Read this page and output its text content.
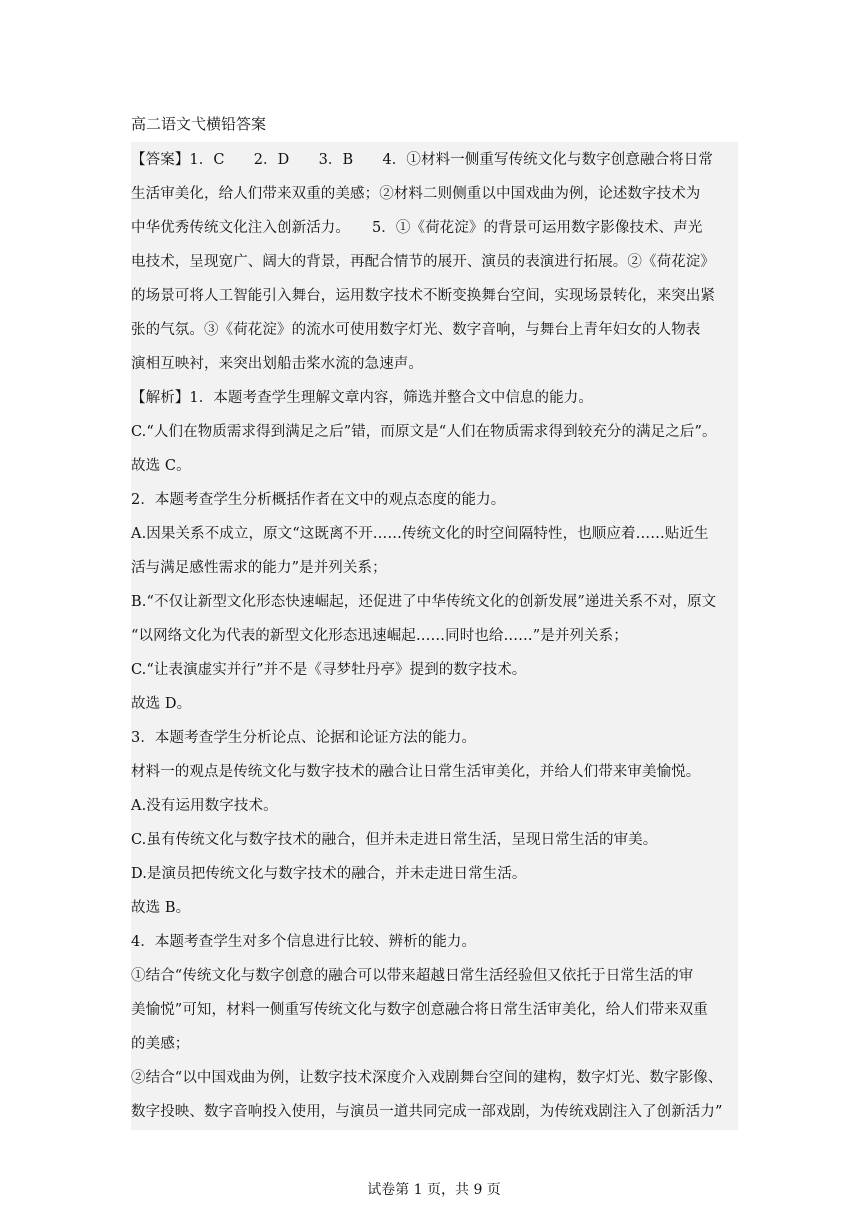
高二语文弋横铅答案
【答案】1．C　　2．D　　3．B　　4．①材料一侧重写传统文化与数字创意融合将日常
生活审美化，给人们带来双重的美感；②材料二则侧重以中国戏曲为例，论述数字技术为
中华优秀传统文化注入创新活力。　　5．①《荷花淀》的背景可运用数字影像技术、声光
电技术，呈现宽广、阔大的背景，再配合情节的展开、演员的表演进行拓展。②《荷花淀》
的场景可将人工智能引入舞台，运用数字技术不断变换舞台空间，实现场景转化，来突出紧
张的气氛。③《荷花淀》的流水可使用数字灯光、数字音响，与舞台上青年妇女的人物表
演相互映衬，来突出划船击桨水流的急速声。
【解析】1．本题考查学生理解文章内容，筛选并整合文中信息的能力。
C.“人们在物质需求得到满足之后”错，而原文是“人们在物质需求得到较充分的满足之后”。
故选 C。
2．本题考查学生分析概括作者在文中的观点态度的能力。
A.因果关系不成立，原文“这既离不开……传统文化的时空间隔特性，也顺应着……贴近生
活与满足感性需求的能力”是并列关系；
B.“不仅让新型文化形态快速崛起，还促进了中华传统文化的创新发展”递进关系不对，原文
“以网络文化为代表的新型文化形态迅速崛起……同时也给……”是并列关系；
C.“让表演虚实并行”并不是《寻梦牡丹亭》提到的数字技术。
故选 D。
3．本题考查学生分析论点、论据和论证方法的能力。
材料一的观点是传统文化与数字技术的融合让日常生活审美化，并给人们带来审美愉悦。
A.没有运用数字技术。
C.虽有传统文化与数字技术的融合，但并未走进日常生活，呈现日常生活的审美。
D.是演员把传统文化与数字技术的融合，并未走进日常生活。
故选 B。
4．本题考查学生对多个信息进行比较、辨析的能力。
①结合“传统文化与数字创意的融合可以带来超越日常生活经验但又依托于日常生活的审
美愉悦”可知，材料一侧重写传统文化与数字创意融合将日常生活审美化，给人们带来双重
的美感；
②结合“以中国戏曲为例，让数字技术深度介入戏剧舞台空间的建构，数字灯光、数字影像、
数字投映、数字音响投入使用，与演员一道共同完成一部戏剧，为传统戏剧注入了创新活力”
试卷第 1 页，共 9 页
